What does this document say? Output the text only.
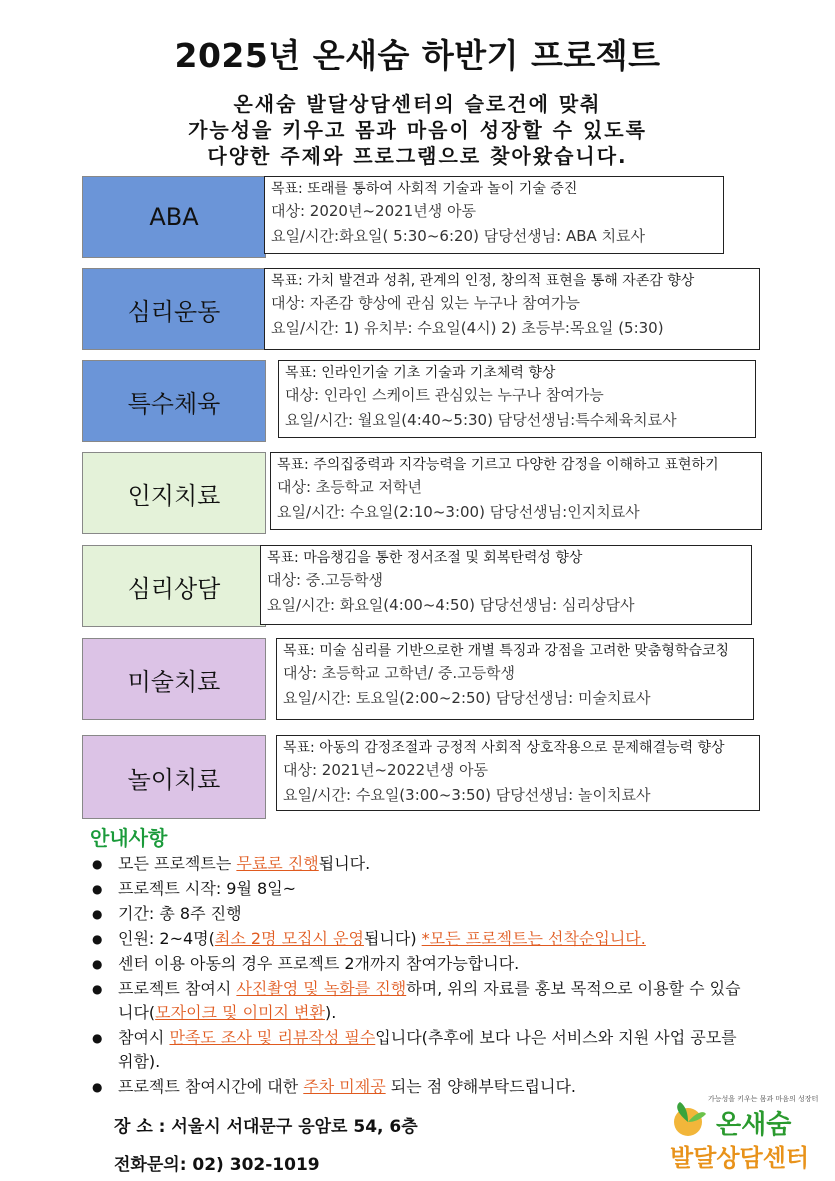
2025년 온새숨 하반기 프로젝트
온새숨 발달상담센터의 슬로건에 맞춰
가능성을 키우고 몸과 마음이 성장할 수 있도록
다양한 주제와 프로그램으로 찾아왔습니다.
ABA
목표: 또래를 통하여 사회적 기술과 놀이 기술 증진
대상: 2020년~2021년생 아동
요일/시간:화요일( 5:30~6:20) 담당선생님: ABA 치료사
심리운동
목표: 가치 발견과 성취, 관계의 인정, 창의적 표현을 통해 자존감 향상
대상: 자존감 향상에 관심 있는 누구나 참여가능
요일/시간: 1) 유치부: 수요일(4시) 2) 초등부:목요일 (5:30)
특수체육
목표: 인라인기술 기초 기술과 기초체력 향상
대상: 인라인 스케이트 관심있는 누구나 참여가능
요일/시간: 월요일(4:40~5:30) 담당선생님:특수체육치료사
인지치료
목표: 주의집중력과 지각능력을 기르고 다양한 감정을 이해하고 표현하기
대상: 초등학교 저학년
요일/시간: 수요일(2:10~3:00) 담당선생님:인지치료사
심리상담
목표: 마음챙김을 통한 정서조절 및 회복탄력성 향상
대상: 중.고등학생
요일/시간: 화요일(4:00~4:50) 담당선생님: 심리상담사
미술치료
목표: 미술 심리를 기반으로한 개별 특징과 강점을 고려한 맞춤형학습코칭
대상: 초등학교 고학년/ 중.고등학생
요일/시간: 토요일(2:00~2:50) 담당선생님: 미술치료사
놀이치료
목표: 아동의 감정조절과 긍정적 사회적 상호작용으로 문제해결능력 향상
대상: 2021년~2022년생 아동
요일/시간: 수요일(3:00~3:50) 담당선생님: 놀이치료사
안내사항
● 모든 프로젝트는 무료로 진행됩니다.
● 프로젝트 시작: 9월 8일~
● 기간: 총 8주 진행
● 인원: 2~4명(최소 2명 모집시 운영됩니다) *모든 프로젝트는 선착순입니다.
● 센터 이용 아동의 경우 프로젝트 2개까지 참여가능합니다.
● 프로젝트 참여시 사진촬영 및 녹화를 진행하며, 위의 자료를 홍보 목적으로 이용할 수 있습니다(모자이크 및 이미지 변환).
● 참여시 만족도 조사 및 리뷰작성 필수입니다(추후에 보다 나은 서비스와 지원 사업 공모를 위함).
● 프로젝트 참여시간에 대한 주차 미제공 되는 점 양해부탁드립니다.
장 소 : 서울시 서대문구 응암로 54, 6층
전화문의: 02) 302-1019
가능성을 키우는 몸과 마음의 성장터
온새숨
발달상담센터
